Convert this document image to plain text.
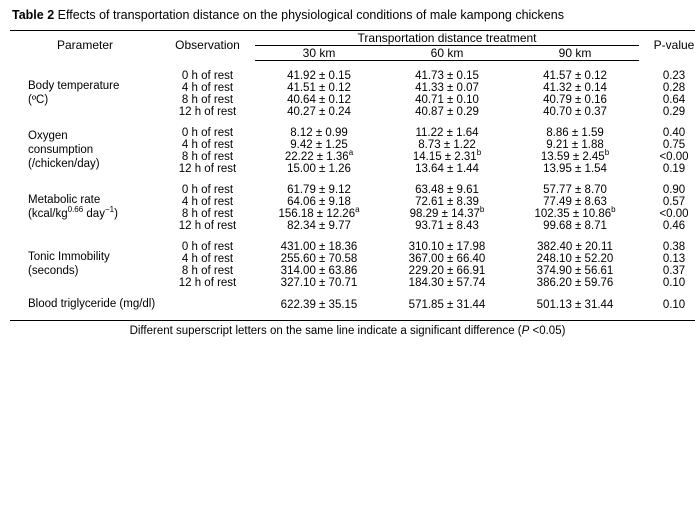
Table 2 Effects of transportation distance on the physiological conditions of male kampong chickens
Parameter	Observation	Transportation distance treatment			P-value
		30 km	60 km	90 km	

Body temperature
(ºC)	0 h of rest	41.92 ± 0.15	41.73 ± 0.15	41.57 ± 0.12	0.23
	4 h of rest	41.51 ± 0.12	41.33 ± 0.07	41.32 ± 0.14	0.28
	8 h of rest	40.64 ± 0.12	40.71 ± 0.10	40.79 ± 0.16	0.64
	12 h of rest	40.27 ± 0.24	40.87 ± 0.29	40.70 ± 0.37	0.29

Oxygen
consumption
(/chicken/day)	0 h of rest	8.12 ± 0.99	11.22 ± 1.64	8.86 ± 1.59	0.40
	4 h of rest	9.42 ± 1.25	8.73 ± 1.22	9.21 ± 1.88	0.75
	8 h of rest	22.22 ± 1.36$^a$	14.15 ± 2.31$^b$	13.59 ± 2.45$^b$	<0.00
	12 h of rest	15.00 ± 1.26	13.64 ± 1.44	13.95 ± 1.54	0.19

Metabolic rate
($kcal/kg^{0.66}$ day$^{-1}$)	0 h of rest	61.79 ± 9.12	63.48 ± 9.61	57.77 ± 8.70	0.90
	4 h of rest	64.06 ± 9.18	72.61 ± 8.39	77.49 ± 8.63	0.57
	8 h of rest	156.18 ± 12.26$^a$	98.29 ± 14.37$^b$	102.35 ± 10.86$^b$	<0.00
	12 h of rest	82.34 ± 9.77	93.71 ± 8.43	99.68 ± 8.71	0.46

Tonic Immobility
(seconds)	0 h of rest	431.00 ± 18.36	310.10 ± 17.98	382.40 ± 20.11	0.38
	4 h of rest	255.60 ± 70.58	367.00 ± 66.40	248.10 ± 52.20	0.13
	8 h of rest	314.00 ± 63.86	229.20 ± 66.91	374.90 ± 56.61	0.37
	12 h of rest	327.10 ± 70.71	184.30 ± 57.74	386.20 ± 59.76	0.10

Blood triglyceride (mg/dl)		622.39 ± 35.15	571.85 ± 31.44	501.13 ± 31.44	0.10

Different superscript letters on the same line indicate a significant difference (P <0.05)
